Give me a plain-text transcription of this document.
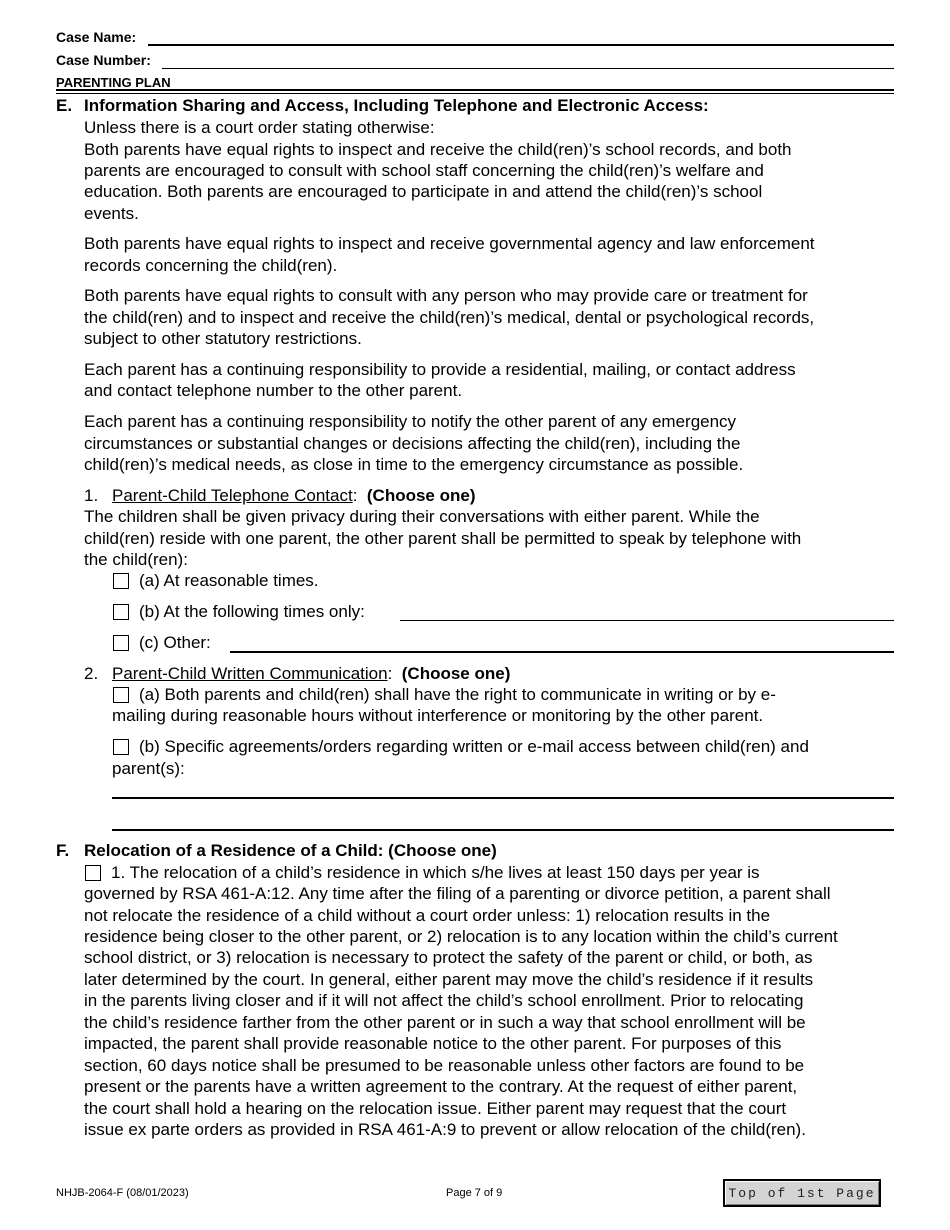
Case Name:
Case Number:
PARENTING PLAN
E. Information Sharing and Access, Including Telephone and Electronic Access:
Unless there is a court order stating otherwise:
Both parents have equal rights to inspect and receive the child(ren)’s school records, and both
parents are encouraged to consult with school staff concerning the child(ren)’s welfare and
education. Both parents are encouraged to participate in and attend the child(ren)’s school
events.
Both parents have equal rights to inspect and receive governmental agency and law enforcement
records concerning the child(ren).
Both parents have equal rights to consult with any person who may provide care or treatment for
the child(ren) and to inspect and receive the child(ren)’s medical, dental or psychological records,
subject to other statutory restrictions.
Each parent has a continuing responsibility to provide a residential, mailing, or contact address
and contact telephone number to the other parent.
Each parent has a continuing responsibility to notify the other parent of any emergency
circumstances or substantial changes or decisions affecting the child(ren), including the
child(ren)’s medical needs, as close in time to the emergency circumstance as possible.
1. Parent-Child Telephone Contact: (Choose one)
The children shall be given privacy during their conversations with either parent. While the
child(ren) reside with one parent, the other parent shall be permitted to speak by telephone with
the child(ren):
(a) At reasonable times.
(b) At the following times only:
(c) Other:
2. Parent-Child Written Communication: (Choose one)
(a) Both parents and child(ren) shall have the right to communicate in writing or by e-
mailing during reasonable hours without interference or monitoring by the other parent.
(b) Specific agreements/orders regarding written or e-mail access between child(ren) and
parent(s):
F. Relocation of a Residence of a Child: (Choose one)
1. The relocation of a child’s residence in which s/he lives at least 150 days per year is
governed by RSA 461-A:12. Any time after the filing of a parenting or divorce petition, a parent shall
not relocate the residence of a child without a court order unless: 1) relocation results in the
residence being closer to the other parent, or 2) relocation is to any location within the child’s current
school district, or 3) relocation is necessary to protect the safety of the parent or child, or both, as
later determined by the court. In general, either parent may move the child’s residence if it results
in the parents living closer and if it will not affect the child’s school enrollment. Prior to relocating
the child’s residence farther from the other parent or in such a way that school enrollment will be
impacted, the parent shall provide reasonable notice to the other parent. For purposes of this
section, 60 days notice shall be presumed to be reasonable unless other factors are found to be
present or the parents have a written agreement to the contrary. At the request of either parent,
the court shall hold a hearing on the relocation issue. Either parent may request that the court
issue ex parte orders as provided in RSA 461-A:9 to prevent or allow relocation of the child(ren).
NHJB-2064-F (08/01/2023)	Page 7 of 9	Top of 1st Page
